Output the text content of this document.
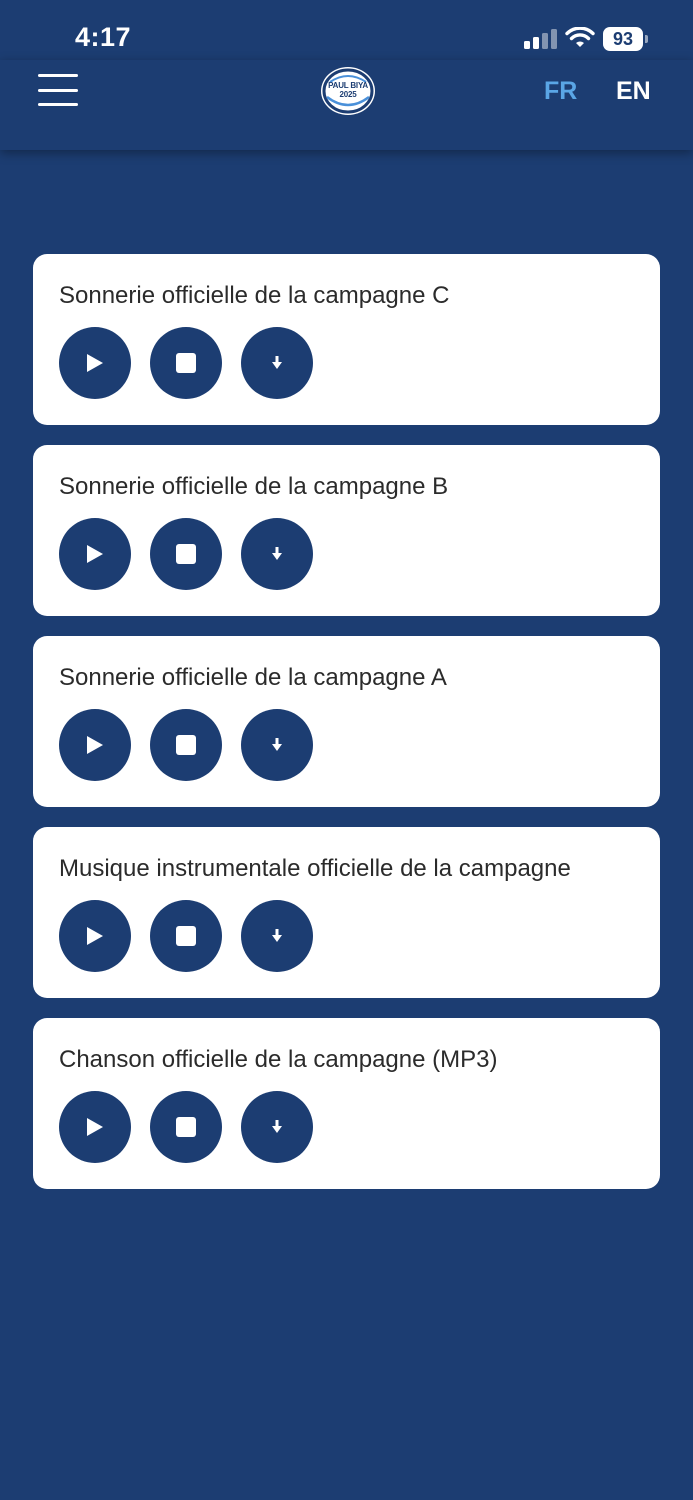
4:17	93
PAUL BIYA 2025	FR EN
Sonnerie officielle de la campagne C
Sonnerie officielle de la campagne B
Sonnerie officielle de la campagne A
Musique instrumentale officielle de la campagne
Chanson officielle de la campagne (MP3)
